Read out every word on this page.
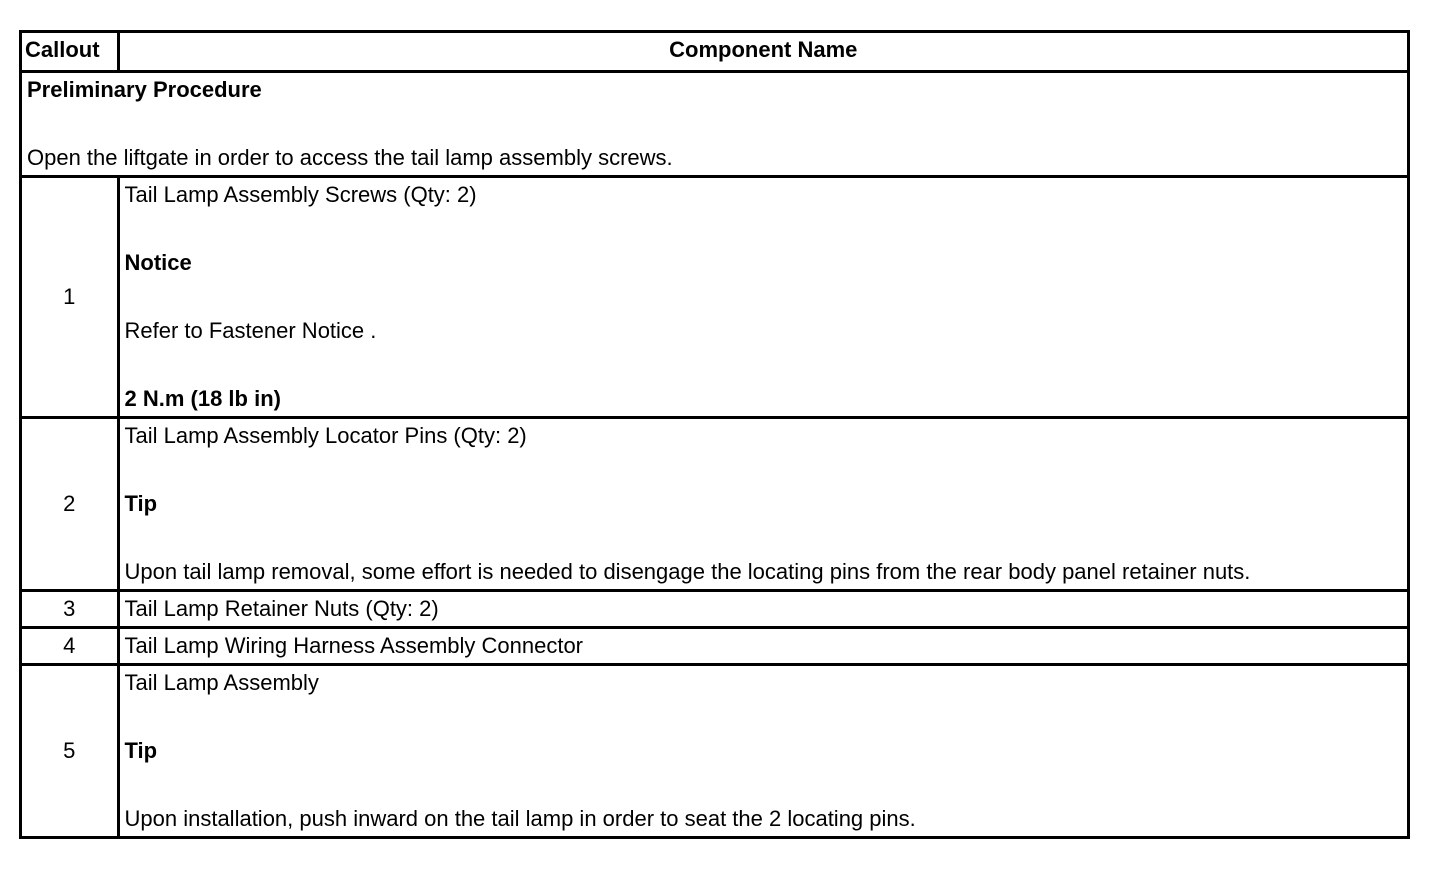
Callout	Component Name

Preliminary Procedure
Open the liftgate in order to access the tail lamp assembly screws.	

1	Tail Lamp Assembly Screws (Qty: 2)
Notice
Refer to Fastener Notice .
2 N.m (18 lb in)

2	Tail Lamp Assembly Locator Pins (Qty: 2)
Tip
Upon tail lamp removal, some effort is needed to disengage the locating pins from the rear body panel retainer nuts.

3	Tail Lamp Retainer Nuts (Qty: 2)

4	Tail Lamp Wiring Harness Assembly Connector

5	Tail Lamp Assembly
Tip
Upon installation, push inward on the tail lamp in order to seat the 2 locating pins.
